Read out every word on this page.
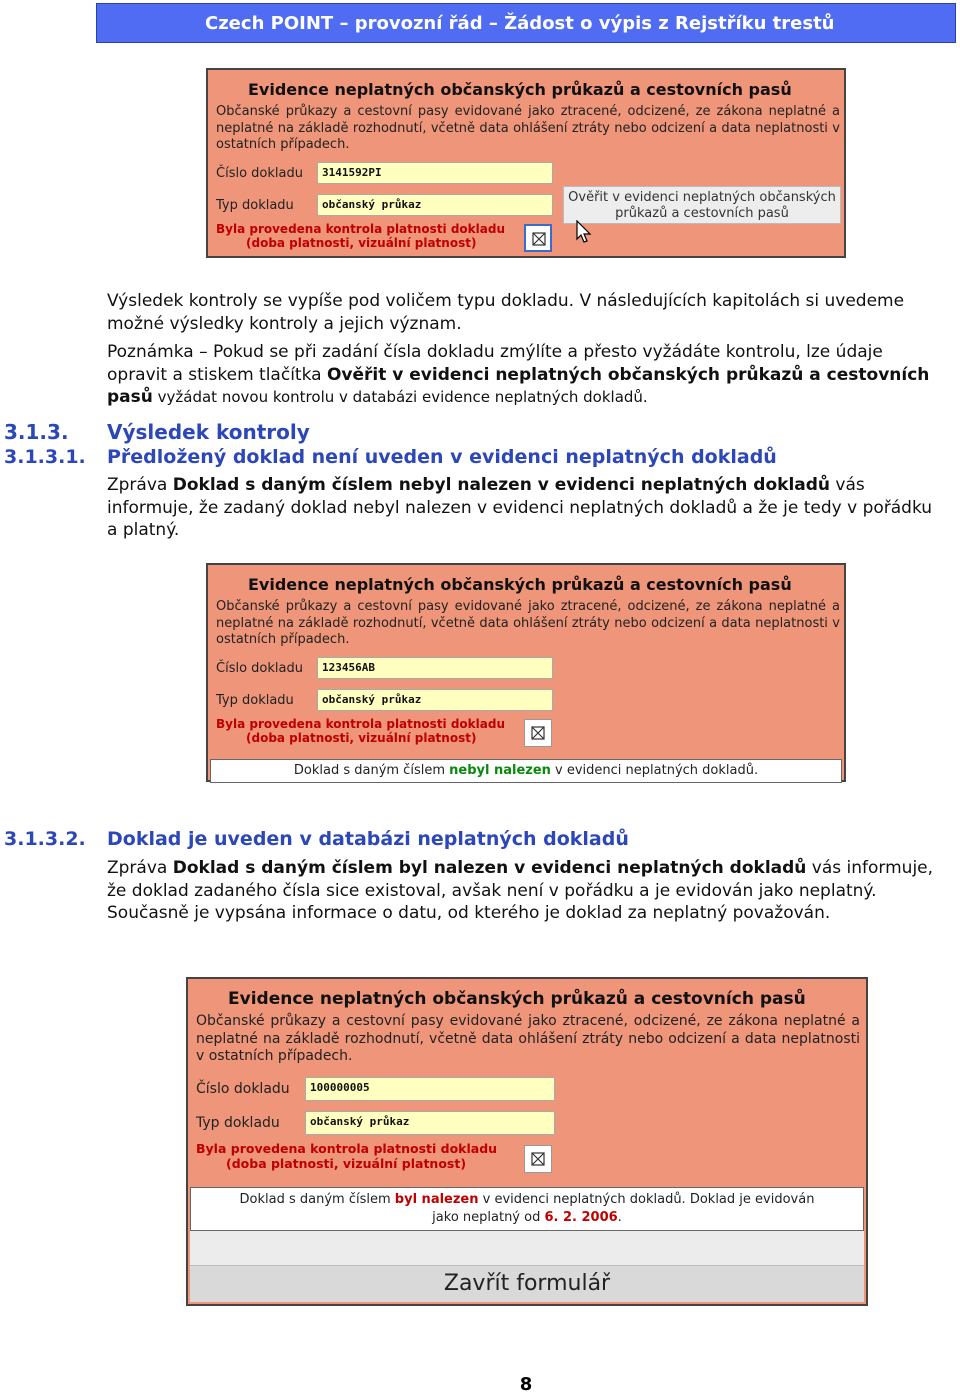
Czech POINT – provozní řád – Žádost o výpis z Rejstříku trestů
Evidence neplatných občanských průkazů a cestovních pasů
Občanské průkazy a cestovní pasy evidované jako ztracené, odcizené, ze zákona neplatné a neplatné na základě rozhodnutí, včetně data ohlášení ztráty nebo odcizení a data neplatnosti v ostatních případech.
Číslo dokladu	3141592PI
Typ dokladu	občanský průkaz
Byla provedena kontrola platnosti dokladu
(doba platnosti, vizuální platnost)
Ověřit v evidenci neplatných občanských průkazů a cestovních pasů
Výsledek kontroly se vypíše pod voličem typu dokladu. V následujících kapitolách si uvedeme možné výsledky kontroly a jejich význam.
Poznámka – Pokud se při zadání čísla dokladu zmýlíte a přesto vyžádáte kontrolu, lze údaje opravit a stiskem tlačítka Ověřit v evidenci neplatných občanských průkazů a cestovních pasů vyžádat novou kontrolu v databázi evidence neplatných dokladů.
3.1.3. Výsledek kontroly
3.1.3.1. Předložený doklad není uveden v evidenci neplatných dokladů
Zpráva Doklad s daným číslem nebyl nalezen v evidenci neplatných dokladů vás informuje, že zadaný doklad nebyl nalezen v evidenci neplatných dokladů a že je tedy v pořádku a platný.
Evidence neplatných občanských průkazů a cestovních pasů
Občanské průkazy a cestovní pasy evidované jako ztracené, odcizené, ze zákona neplatné a neplatné na základě rozhodnutí, včetně data ohlášení ztráty nebo odcizení a data neplatnosti v ostatních případech.
Číslo dokladu	123456AB
Typ dokladu	občanský průkaz
Byla provedena kontrola platnosti dokladu
(doba platnosti, vizuální platnost)
Doklad s daným číslem nebyl nalezen v evidenci neplatných dokladů.
3.1.3.2. Doklad je uveden v databázi neplatných dokladů
Zpráva Doklad s daným číslem byl nalezen v evidenci neplatných dokladů vás informuje, že doklad zadaného čísla sice existoval, avšak není v pořádku a je evidován jako neplatný. Současně je vypsána informace o datu, od kterého je doklad za neplatný považován.
Evidence neplatných občanských průkazů a cestovních pasů
Občanské průkazy a cestovní pasy evidované jako ztracené, odcizené, ze zákona neplatné a neplatné na základě rozhodnutí, včetně data ohlášení ztráty nebo odcizení a data neplatnosti v ostatních případech.
Číslo dokladu	100000005
Typ dokladu	občanský průkaz
Byla provedena kontrola platnosti dokladu
(doba platnosti, vizuální platnost)
Doklad s daným číslem byl nalezen v evidenci neplatných dokladů. Doklad je evidován
jako neplatný od 6. 2. 2006.
Zavřít formulář
8
